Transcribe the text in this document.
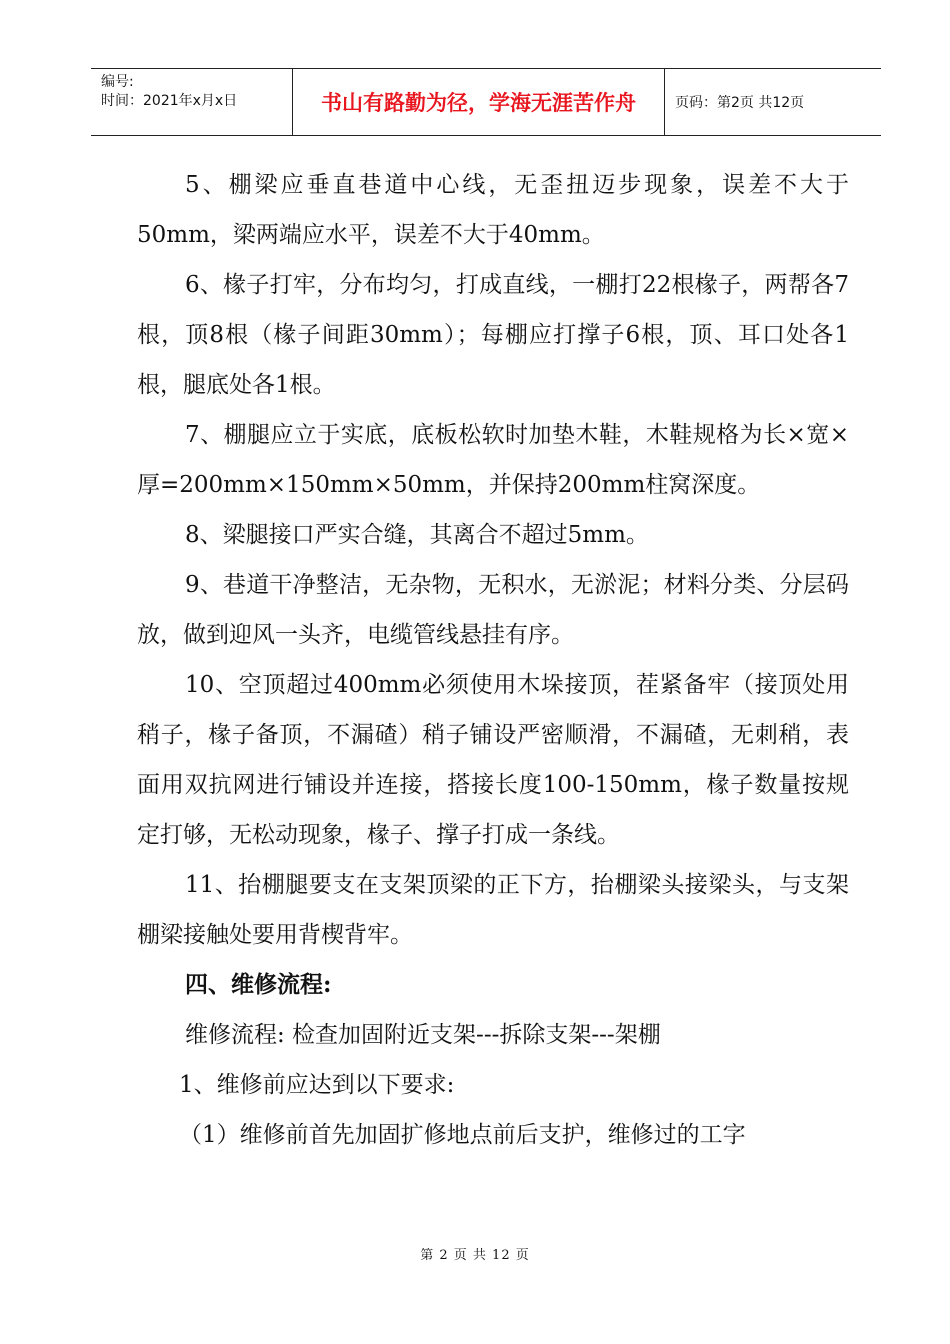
编号:
时间：2021年x月x日	书山有路勤为径，学海无涯苦作舟	页码：第2页 共12页

5、棚梁应垂直巷道中心线，无歪扭迈步现象，误差不大于50mm，梁两端应水平，误差不大于40mm。

6、椽子打牢，分布均匀，打成直线，一棚打22根椽子，两帮各7根，顶8根（椽子间距30mm）；每棚应打撑子6根，顶、耳口处各1根，腿底处各1根。

7、棚腿应立于实底，底板松软时加垫木鞋，木鞋规格为长×宽×厚=200mm×150mm×50mm，并保持200mm柱窝深度。

8、梁腿接口严实合缝，其离合不超过5mm。

9、巷道干净整洁，无杂物，无积水，无淤泥；材料分类、分层码放，做到迎风一头齐，电缆管线悬挂有序。

10、空顶超过400mm必须使用木垛接顶，茬紧备牢（接顶处用稍子，椽子备顶，不漏碴）稍子铺设严密顺滑，不漏碴，无刺稍，表面用双抗网进行铺设并连接，搭接长度100-150mm，椽子数量按规定打够，无松动现象，椽子、撑子打成一条线。

11、抬棚腿要支在支架顶梁的正下方，抬棚梁头接梁头，与支架棚梁接触处要用背楔背牢。

四、维修流程:

维修流程: 检查加固附近支架---拆除支架---架棚

1、维修前应达到以下要求:

（1）维修前首先加固扩修地点前后支护，维修过的工字

第 2 页 共 12 页
